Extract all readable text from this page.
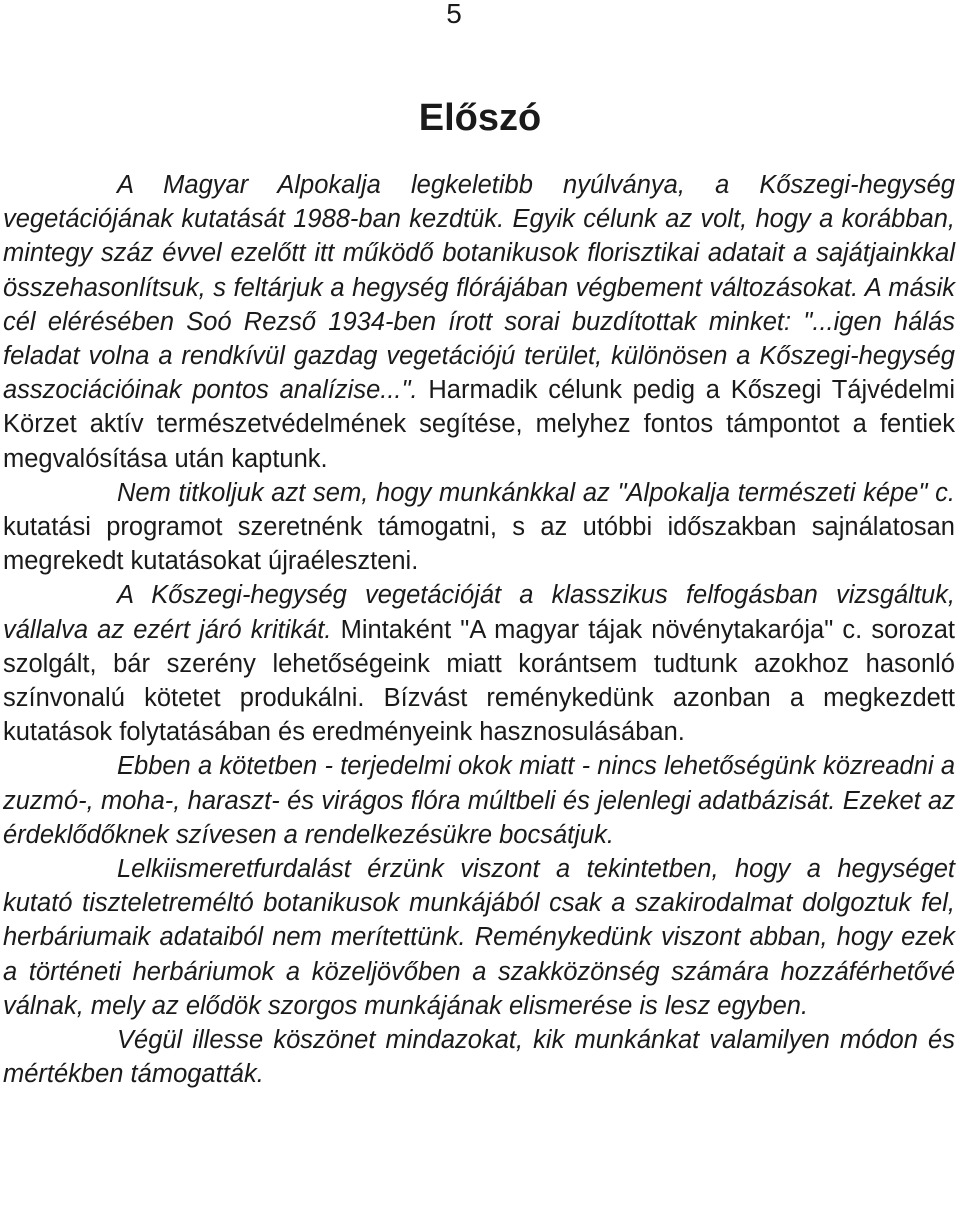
5
Előszó

A Magyar Alpokalja legkeletibb nyúlványa, a Kőszegi-hegység vegetációjának kutatását 1988-ban kezdtük. Egyik célunk az volt, hogy a korábban, mintegy száz évvel ezelőtt itt működő botanikusok florisztikai adatait a sajátjainkkal összehasonlítsuk, s feltárjuk a hegység flórájában végbement változásokat. A másik cél elérésében Soó Rezső 1934-ben írott sorai buzdítottak minket: "...igen hálás feladat volna a rendkívül gazdag vegetációjú terület, különösen a Kőszegi-hegység asszociációinak pontos analízise...". Harmadik célunk pedig a Kőszegi Tájvédelmi Körzet aktív természetvédelmének segítése, melyhez fontos támpontot a fentiek megvalósítása után kaptunk.

Nem titkoljuk azt sem, hogy munkánkkal az "Alpokalja természeti képe" c. kutatási programot szeretnénk támogatni, s az utóbbi időszakban sajnálatosan megrekedt kutatásokat újraéleszteni.

A Kőszegi-hegység vegetációját a klasszikus felfogásban vizsgáltuk, vállalva az ezért járó kritikát. Mintaként "A magyar tájak növénytakarója" c. sorozat szolgált, bár szerény lehetőségeink miatt korántsem tudtunk azokhoz hasonló színvonalú kötetet produkálni. Bízvást reménykedünk azonban a megkezdett kutatások folytatásában és eredményeink hasznosulásában.

Ebben a kötetben - terjedelmi okok miatt - nincs lehetőségünk közreadni a zuzmó-, moha-, haraszt- és virágos flóra múltbeli és jelenlegi adatbázisát. Ezeket az érdeklődőknek szívesen a rendelkezésükre bocsátjuk.

Lelkiismeretfurdalást érzünk viszont a tekintetben, hogy a hegységet kutató tiszteletreméltó botanikusok munkájából csak a szakirodalmat dolgoztuk fel, herbáriumaik adataiból nem merítettünk. Reménykedünk viszont abban, hogy ezek a történeti herbáriumok a közeljövőben a szakközönség számára hozzáférhetővé válnak, mely az elődök szorgos munkájának elismerése is lesz egyben.

Végül illesse köszönet mindazokat, kik munkánkat valamilyen módon és mértékben támogatták.
